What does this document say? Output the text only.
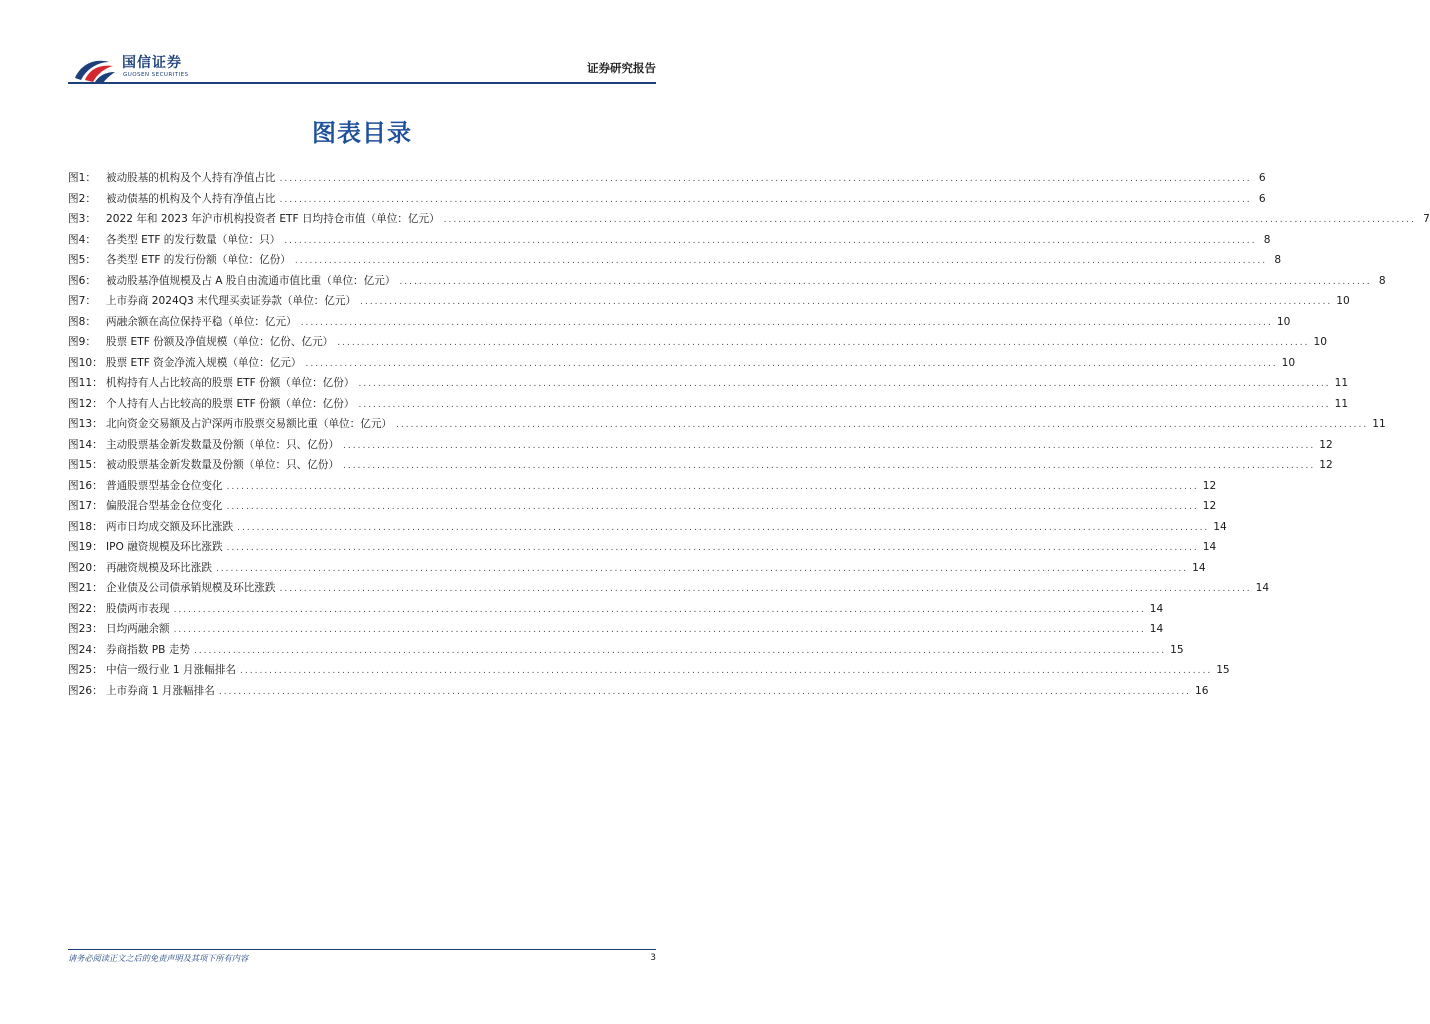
国信证券
GUOSEN SECURITIES	证券研究报告
图表目录
图1： 被动股基的机构及个人持有净值占比 ........................................................................................................................................................................................................ 6
图2： 被动债基的机构及个人持有净值占比 ........................................................................................................................................................................................................ 6
图3： 2022 年和 2023 年沪市机构投资者 ETF 日均持仓市值（单位：亿元） ........................................................................................................................................................................................................ 7
图4： 各类型 ETF 的发行数量（单位：只） ........................................................................................................................................................................................................ 8
图5： 各类型 ETF 的发行份额（单位：亿份） ........................................................................................................................................................................................................ 8
图6： 被动股基净值规模及占 A 股自由流通市值比重（单位：亿元） ........................................................................................................................................................................................................ 8
图7： 上市券商 2024Q3 末代理买卖证券款（单位：亿元） ........................................................................................................................................................................................................ 10
图8： 两融余额在高位保持平稳（单位：亿元） ........................................................................................................................................................................................................ 10
图9： 股票 ETF 份额及净值规模（单位：亿份、亿元） ........................................................................................................................................................................................................ 10
图10： 股票 ETF 资金净流入规模（单位：亿元） ........................................................................................................................................................................................................ 10
图11： 机构持有人占比较高的股票 ETF 份额（单位：亿份） ........................................................................................................................................................................................................ 11
图12： 个人持有人占比较高的股票 ETF 份额（单位：亿份） ........................................................................................................................................................................................................ 11
图13： 北向资金交易额及占沪深两市股票交易额比重（单位：亿元） ........................................................................................................................................................................................................ 11
图14： 主动股票基金新发数量及份额（单位：只、亿份） ........................................................................................................................................................................................................ 12
图15： 被动股票基金新发数量及份额（单位：只、亿份） ........................................................................................................................................................................................................ 12
图16： 普通股票型基金仓位变化 ........................................................................................................................................................................................................ 12
图17： 偏股混合型基金仓位变化 ........................................................................................................................................................................................................ 12
图18： 两市日均成交额及环比涨跌 ........................................................................................................................................................................................................ 14
图19： IPO 融资规模及环比涨跌 ........................................................................................................................................................................................................ 14
图20： 再融资规模及环比涨跌 ........................................................................................................................................................................................................ 14
图21： 企业债及公司债承销规模及环比涨跌 ........................................................................................................................................................................................................ 14
图22： 股债两市表现 ........................................................................................................................................................................................................ 14
图23： 日均两融余额 ........................................................................................................................................................................................................ 14
图24： 券商指数 PB 走势 ........................................................................................................................................................................................................ 15
图25： 中信一级行业 1 月涨幅排名 ........................................................................................................................................................................................................ 15
图26： 上市券商 1 月涨幅排名 ........................................................................................................................................................................................................ 16
请务必阅读正文之后的免责声明及其项下所有内容	3
